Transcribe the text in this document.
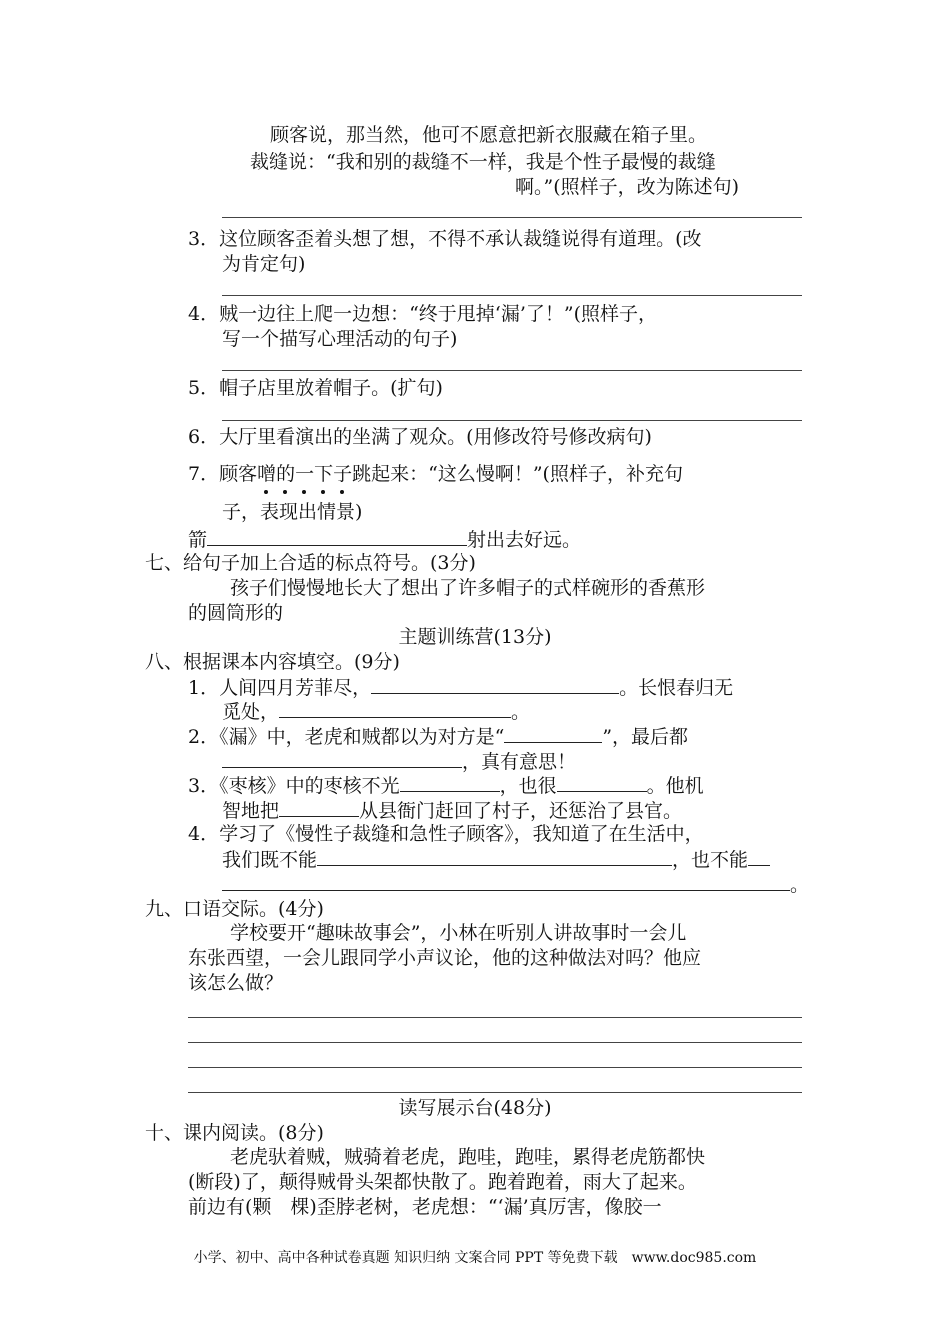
顾客说，那当然，他可不愿意把新衣服藏在箱子里。
裁缝说：“我和别的裁缝不一样，我是个性子最慢的裁缝
啊。”(照样子，改为陈述句)
3．这位顾客歪着头想了想，不得不承认裁缝说得有道理。(改
为肯定句)
4．贼一边往上爬一边想：“终于甩掉‘漏’了！”(照样子，
写一个描写心理活动的句子)
5．帽子店里放着帽子。(扩句)
6．大厅里看演出的坐满了观众。(用修改符号修改病句)
7．顾客噌的一下子
跳起来：“这么慢啊！”(照样子，补充句
子，表现出情景)
箭	射出去好远。
七、给句子加上合适的标点符号。(3分)
孩子们慢慢地长大了想出了许多帽子的式样碗形的香蕉形
的圆筒形的
主题训练营(13分)
八、根据课本内容填空。(9分)
1．人间四月芳菲尽，	。长恨春归无
觅处，	。
2．《漏》中，老虎和贼都以为对方是“	”，最后都
，真有意思！
3．《枣核》中的枣核不光	，也很	。他机
智地把	从县衙门赶回了村子，还惩治了县官。
4．学习了《慢性子裁缝和急性子顾客》，我知道了在生活中，
我们既不能	，也不能
。
九、口语交际。(4分)
学校要开“趣味故事会”，小林在听别人讲故事时一会儿
东张西望，一会儿跟同学小声议论，他的这种做法对吗？他应
该怎么做？
读写展示台(48分)
十、课内阅读。(8分)
老虎驮着贼，贼骑着老虎，跑哇，跑哇，累得老虎筋都快
(断段)了，颠得贼骨头架都快散了。跑着跑着，雨大了起来。
前边有(颗　棵)歪脖老树，老虎想：“‘漏’真厉害，像胶一
小学、初中、高中各种试卷真题 知识归纳 文案合同 PPT 等免费下载　www.doc985.com
